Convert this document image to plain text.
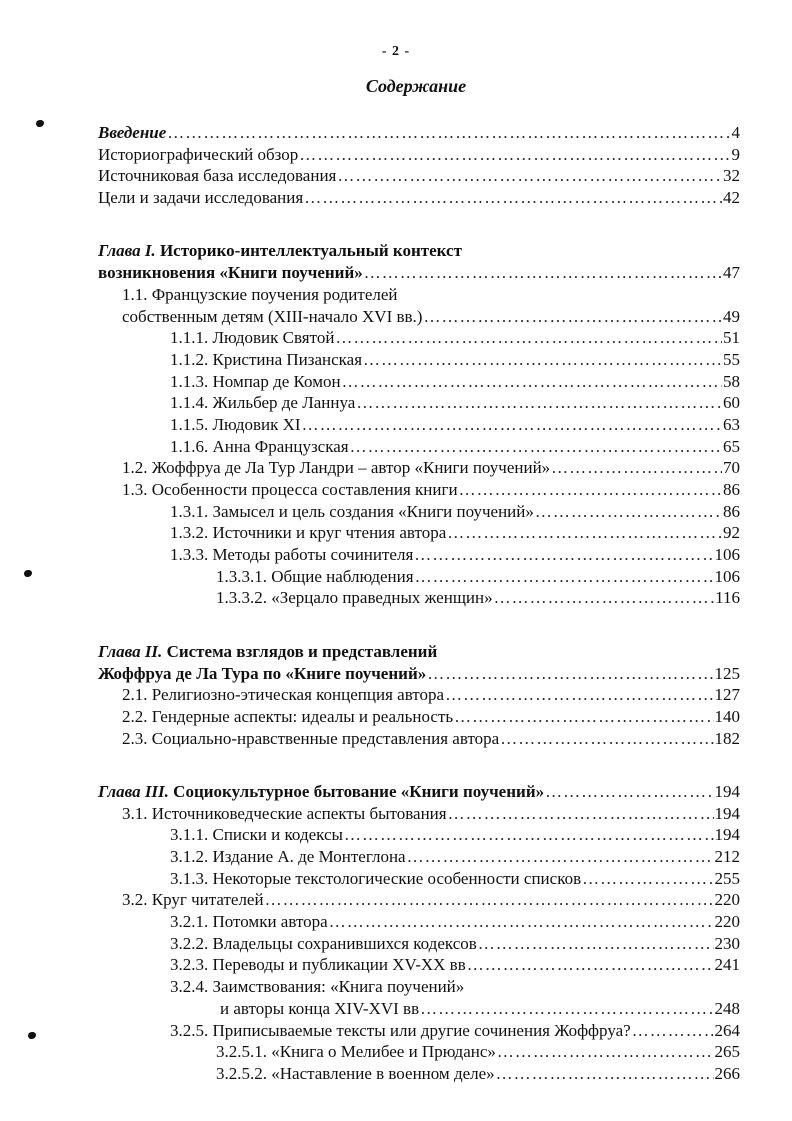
- 2 -
Содержание
Введение …………………………………………………………………………………………………………………………………………	4
Историографический обзор …………………………………………………………………………………………………………………………………………	9
Источниковая база исследования …………………………………………………………………………………………………………………………………………	32
Цели и задачи исследования …………………………………………………………………………………………………………………………………………	42
Глава I. Историко-интеллектуальный контекст
возникновения «Книги поучений» …………………………………………………………………………………………………………………………………………	47
1.1. Французские поучения родителей
собственным детям (XIII-начало XVI вв.) …………………………………………………………………………………………………………………………………………	49
1.1.1. Людовик Святой …………………………………………………………………………………………………………………………………………	51
1.1.2. Кристина Пизанская …………………………………………………………………………………………………………………………………………	55
1.1.3. Номпар де Комон …………………………………………………………………………………………………………………………………………	58
1.1.4. Жильбер де Ланнуа …………………………………………………………………………………………………………………………………………	60
1.1.5. Людовик XI …………………………………………………………………………………………………………………………………………	63
1.1.6. Анна Французская …………………………………………………………………………………………………………………………………………	65
1.2. Жоффруа де Ла Тур Ландри – автор «Книги поучений» …………………………………………………………………………………………………………………………………………	70
1.3. Особенности процесса составления книги …………………………………………………………………………………………………………………………………………	86
1.3.1. Замысел и цель создания «Книги поучений» …………………………………………………………………………………………………………………………………………	86
1.3.2. Источники и круг чтения автора …………………………………………………………………………………………………………………………………………	92
1.3.3. Методы работы сочинителя …………………………………………………………………………………………………………………………………………	106
1.3.3.1. Общие наблюдения …………………………………………………………………………………………………………………………………………	106
1.3.3.2. «Зерцало праведных женщин» …………………………………………………………………………………………………………………………………………	116
Глава II. Система взглядов и представлений
Жоффруа де Ла Тура по «Книге поучений» …………………………………………………………………………………………………………………………………………	125
2.1. Религиозно-этическая концепция автора …………………………………………………………………………………………………………………………………………	127
2.2. Гендерные аспекты: идеалы и реальность …………………………………………………………………………………………………………………………………………	140
2.3. Социально-нравственные представления автора …………………………………………………………………………………………………………………………………………	182
Глава III. Социокультурное бытование «Книги поучений» …………………………………………………………………………………………………………………………………………	194
3.1. Источниковедческие аспекты бытования …………………………………………………………………………………………………………………………………………	194
3.1.1. Списки и кодексы …………………………………………………………………………………………………………………………………………	194
3.1.2. Издание А. де Монтеглона …………………………………………………………………………………………………………………………………………	212
3.1.3. Некоторые текстологические особенности списков …………………………………………………………………………………………………………………………………………	255
3.2. Круг читателей …………………………………………………………………………………………………………………………………………	220
3.2.1. Потомки автора …………………………………………………………………………………………………………………………………………	220
3.2.2. Владельцы сохранившихся кодексов …………………………………………………………………………………………………………………………………………	230
3.2.3. Переводы и публикации XV-XX вв …………………………………………………………………………………………………………………………………………	241
3.2.4. Заимствования: «Книга поучений»
и авторы конца XIV-XVI вв …………………………………………………………………………………………………………………………………………	248
3.2.5. Приписываемые тексты или другие сочинения Жоффруа? …………………………………………………………………………………………………………………………………………	264
3.2.5.1. «Книга о Мелибее и Прюданс» …………………………………………………………………………………………………………………………………………	265
3.2.5.2. «Наставление в военном деле» …………………………………………………………………………………………………………………………………………	266
